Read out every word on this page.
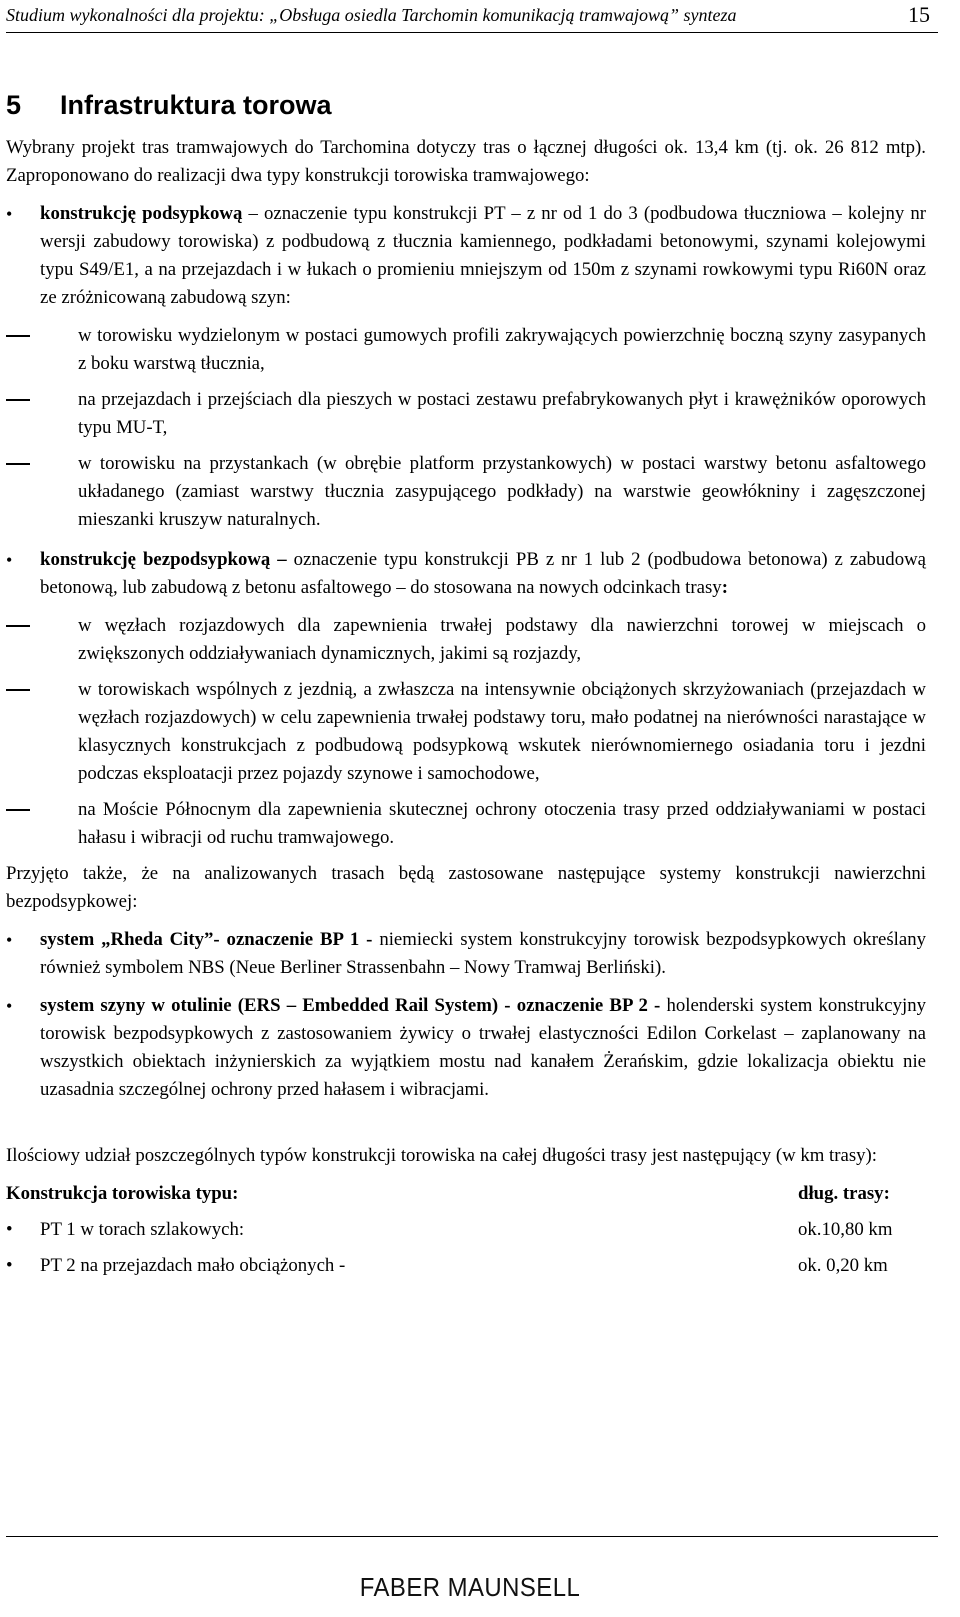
Studium wykonalności dla projektu: „Obsługa osiedla Tarchomin komunikacją tramwajową” synteza	15
5 Infrastruktura torowa

Wybrany projekt tras tramwajowych do Tarchomina dotyczy tras o łącznej długości ok. 13,4 km (tj. ok. 26 812 mtp). Zaproponowano do realizacji dwa typy konstrukcji torowiska tramwajowego:

• konstrukcję podsypkową – oznaczenie typu konstrukcji PT – z nr od 1 do 3 (podbudowa tłuczniowa – kolejny nr wersji zabudowy torowiska) z podbudową z tłucznia kamiennego, podkładami betonowymi, szynami kolejowymi typu S49/E1, a na przejazdach i w łukach o promieniu mniejszym od 150m z szynami rowkowymi typu Ri60N oraz ze zróżnicowaną zabudową szyn:
w torowisku wydzielonym w postaci gumowych profili zakrywających powierzchnię boczną szyny zasypanych z boku warstwą tłucznia,
na przejazdach i przejściach dla pieszych w postaci zestawu prefabrykowanych płyt i krawężników oporowych typu MU-T,
w torowisku na przystankach (w obrębie platform przystankowych) w postaci warstwy betonu asfaltowego układanego (zamiast warstwy tłucznia zasypującego podkłady) na warstwie geowłókniny i zagęszczonej mieszanki kruszyw naturalnych.
• konstrukcję bezpodsypkową – oznaczenie typu konstrukcji PB z nr 1 lub 2 (podbudowa betonowa) z zabudową betonową, lub zabudową z betonu asfaltowego – do stosowana na nowych odcinkach trasy:
w węzłach rozjazdowych dla zapewnienia trwałej podstawy dla nawierzchni torowej w miejscach o zwiększonych oddziaływaniach dynamicznych, jakimi są rozjazdy,
w torowiskach wspólnych z jezdnią, a zwłaszcza na intensywnie obciążonych skrzyżowaniach (przejazdach w węzłach rozjazdowych) w celu zapewnienia trwałej podstawy toru, mało podatnej na nierówności narastające w klasycznych konstrukcjach z podbudową podsypkową wskutek nierównomiernego osiadania toru i jezdni podczas eksploatacji przez pojazdy szynowe i samochodowe,
na Moście Północnym dla zapewnienia skutecznej ochrony otoczenia trasy przed oddziaływaniami w postaci hałasu i wibracji od ruchu tramwajowego.

Przyjęto także, że na analizowanych trasach będą zastosowane następujące systemy konstrukcji nawierzchni bezpodsypkowej:

• system „Rheda City”- oznaczenie BP 1 - niemiecki system konstrukcyjny torowisk bezpodsypkowych określany również symbolem NBS (Neue Berliner Strassenbahn – Nowy Tramwaj Berliński).
• system szyny w otulinie (ERS – Embedded Rail System) - oznaczenie BP 2 - holenderski system konstrukcyjny torowisk bezpodsypkowych z zastosowaniem żywicy o trwałej elastyczności Edilon Corkelast – zaplanowany na wszystkich obiektach inżynierskich za wyjątkiem mostu nad kanałem Żerańskim, gdzie lokalizacja obiektu nie uzasadnia szczególnej ochrony przed hałasem i wibracjami.

Ilościowy udział poszczególnych typów konstrukcji torowiska na całej długości trasy jest następujący (w km trasy):

Konstrukcja torowiska typu:	dług. trasy:
• PT 1 w torach szlakowych:	ok.10,80 km
• PT 2 na przejazdach mało obciążonych -	ok. 0,20 km
FABER MAUNSELL
